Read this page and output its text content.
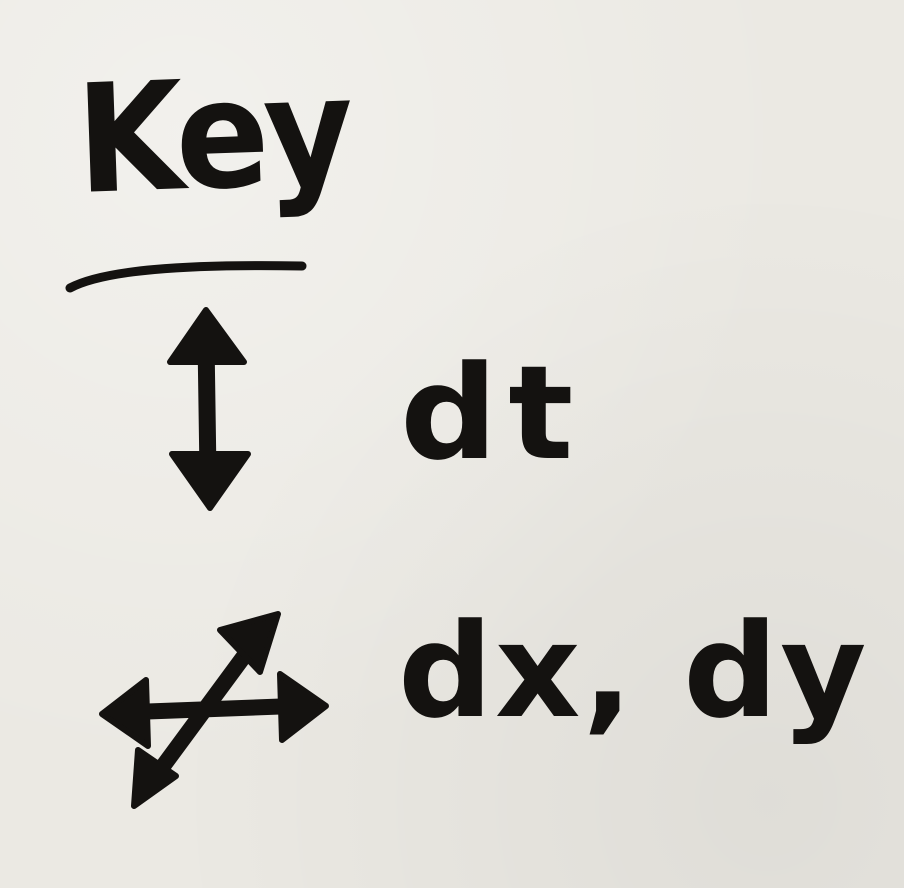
Key
dt
dx, dy
